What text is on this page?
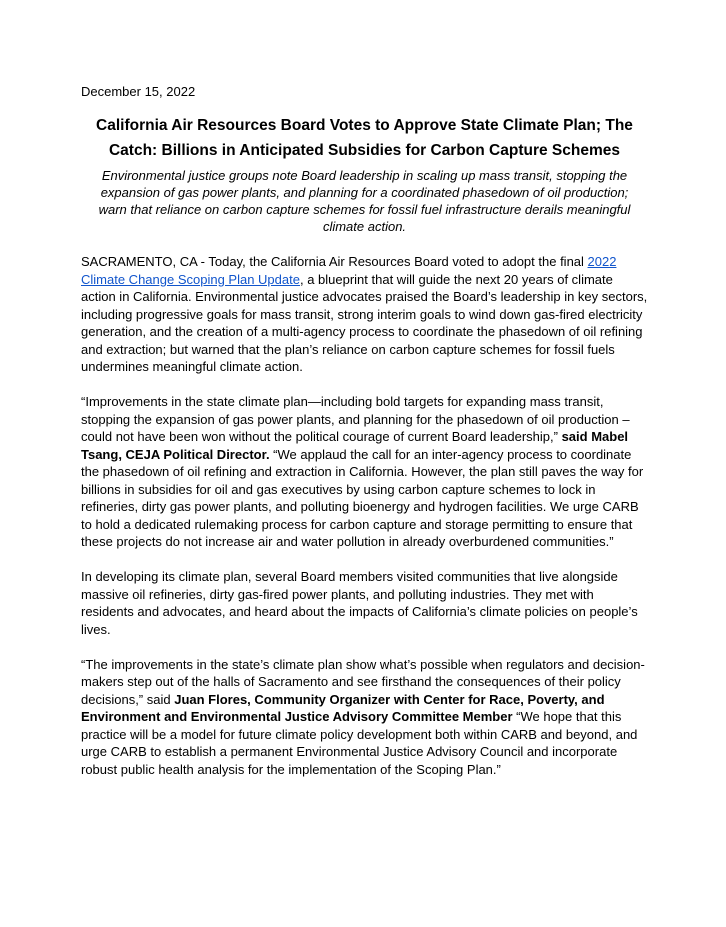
December 15, 2022

California Air Resources Board Votes to Approve State Climate Plan; The Catch: Billions in Anticipated Subsidies for Carbon Capture Schemes

Environmental justice groups note Board leadership in scaling up mass transit, stopping the expansion of gas power plants, and planning for a coordinated phasedown of oil production; warn that reliance on carbon capture schemes for fossil fuel infrastructure derails meaningful climate action.

SACRAMENTO, CA - Today, the California Air Resources Board voted to adopt the final 2022 Climate Change Scoping Plan Update, a blueprint that will guide the next 20 years of climate action in California. Environmental justice advocates praised the Board’s leadership in key sectors, including progressive goals for mass transit, strong interim goals to wind down gas-fired electricity generation, and the creation of a multi-agency process to coordinate the phasedown of oil refining and extraction; but warned that the plan’s reliance on carbon capture schemes for fossil fuels undermines meaningful climate action.

“Improvements in the state climate plan—including bold targets for expanding mass transit, stopping the expansion of gas power plants, and planning for the phasedown of oil production – could not have been won without the political courage of current Board leadership,” said Mabel Tsang, CEJA Political Director. “We applaud the call for an inter-agency process to coordinate the phasedown of oil refining and extraction in California. However, the plan still paves the way for billions in subsidies for oil and gas executives by using carbon capture schemes to lock in refineries, dirty gas power plants, and polluting bioenergy and hydrogen facilities. We urge CARB to hold a dedicated rulemaking process for carbon capture and storage permitting to ensure that these projects do not increase air and water pollution in already overburdened communities.”

In developing its climate plan, several Board members visited communities that live alongside massive oil refineries, dirty gas-fired power plants, and polluting industries. They met with residents and advocates, and heard about the impacts of California’s climate policies on people’s lives.

“The improvements in the state’s climate plan show what’s possible when regulators and decision-makers step out of the halls of Sacramento and see firsthand the consequences of their policy decisions,” said Juan Flores, Community Organizer with Center for Race, Poverty, and Environment and Environmental Justice Advisory Committee Member “We hope that this practice will be a model for future climate policy development both within CARB and beyond, and urge CARB to establish a permanent Environmental Justice Advisory Council and incorporate robust public health analysis for the implementation of the Scoping Plan.”
